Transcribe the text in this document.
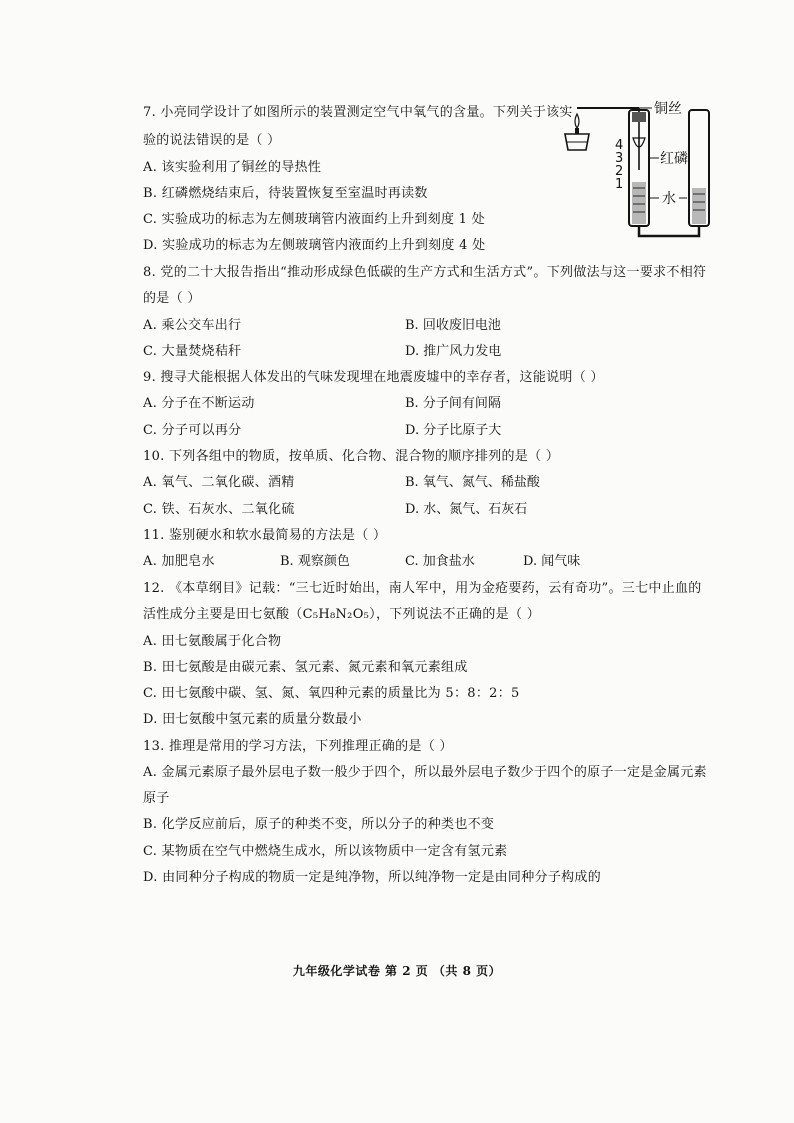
7. 小亮同学设计了如图所示的装置测定空气中氧气的含量。下列关于该实
验的说法错误的是（ ）
A. 该实验利用了铜丝的导热性
B. 红磷燃烧结束后，待装置恢复至室温时再读数
C. 实验成功的标志为左侧玻璃管内液面约上升到刻度 1 处
D. 实验成功的标志为左侧玻璃管内液面约上升到刻度 4 处
铜丝
4
3
2
1
红磷
水
8. 党的二十大报告指出“推动形成绿色低碳的生产方式和生活方式”。下列做法与这一要求不相符
的是（ ）
A. 乘公交车出行	B. 回收废旧电池
C. 大量焚烧秸秆	D. 推广风力发电
9. 搜寻犬能根据人体发出的气味发现埋在地震废墟中的幸存者，这能说明（ ）
A. 分子在不断运动	B. 分子间有间隔
C. 分子可以再分	D. 分子比原子大
10. 下列各组中的物质，按单质、化合物、混合物的顺序排列的是（ ）
A. 氧气、二氧化碳、酒精	B. 氧气、氮气、稀盐酸
C. 铁、石灰水、二氧化硫	D. 水、氮气、石灰石
11. 鉴别硬水和软水最简易的方法是（ ）
A. 加肥皂水	B. 观察颜色	C. 加食盐水	D. 闻气味
12. 《本草纲目》记载：“三七近时始出，南人军中，用为金疮要药，云有奇功”。三七中止血的
活性成分主要是田七氨酸（C₅H₈N₂O₅），下列说法不正确的是（ ）
A. 田七氨酸属于化合物
B. 田七氨酸是由碳元素、氢元素、氮元素和氧元素组成
C. 田七氨酸中碳、氢、氮、氧四种元素的质量比为 5：8：2：5
D. 田七氨酸中氢元素的质量分数最小
13. 推理是常用的学习方法，下列推理正确的是（ ）
A. 金属元素原子最外层电子数一般少于四个，所以最外层电子数少于四个的原子一定是金属元素
原子
B. 化学反应前后，原子的种类不变，所以分子的种类也不变
C. 某物质在空气中燃烧生成水，所以该物质中一定含有氢元素
D. 由同种分子构成的物质一定是纯净物，所以纯净物一定是由同种分子构成的
九年级化学试卷 第 2 页 （共 8 页）
